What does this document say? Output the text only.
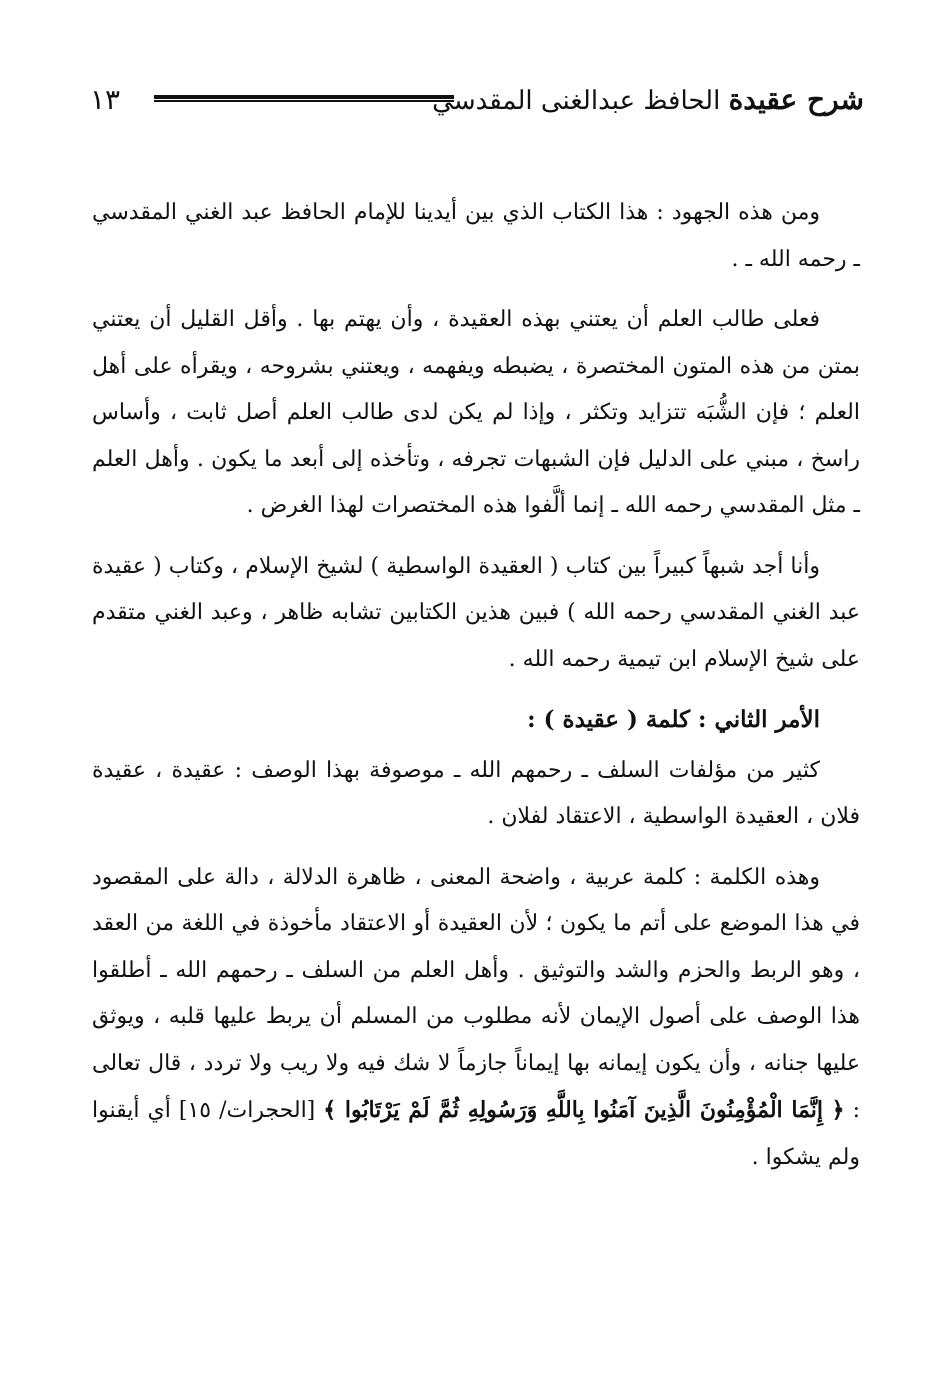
شرح عقيدة الحافظ عبدالغنى المقدسي
١٣

ومن هذه الجهود : هذا الكتاب الذي بين أيدينا للإمام الحافظ عبد الغني المقدسي ـ رحمه الله ـ .

فعلى طالب العلم أن يعتني بهذه العقيدة ، وأن يهتم بها . وأقل القليل أن يعتني بمتن من هذه المتون المختصرة ، يضبطه ويفهمه ، ويعتني بشروحه ، ويقرأه على أهل العلم ؛ فإن الشُّبَه تتزايد وتكثر ، وإذا لم يكن لدى طالب العلم أصل ثابت ، وأساس راسخ ، مبني على الدليل فإن الشبهات تجرفه ، وتأخذه إلى أبعد ما يكون . وأهل العلم ـ مثل المقدسي رحمه الله ـ إنما ألَّفوا هذه المختصرات لهذا الغرض .

وأنا أجد شبهاً كبيراً بين كتاب ( العقيدة الواسطية ) لشيخ الإسلام ، وكتاب ( عقيدة عبد الغني المقدسي رحمه الله ) فبين هذين الكتابين تشابه ظاهر ، وعبد الغني متقدم على شيخ الإسلام ابن تيمية رحمه الله .

الأمر الثاني : كلمة ( عقيدة ) :

كثير من مؤلفات السلف ـ رحمهم الله ـ موصوفة بهذا الوصف : عقيدة ، عقيدة فلان ، العقيدة الواسطية ، الاعتقاد لفلان .

وهذه الكلمة : كلمة عربية ، واضحة المعنى ، ظاهرة الدلالة ، دالة على المقصود في هذا الموضع على أتم ما يكون ؛ لأن العقيدة أو الاعتقاد مأخوذة في اللغة من العقد ، وهو الربط والحزم والشد والتوثيق . وأهل العلم من السلف ـ رحمهم الله ـ أطلقوا هذا الوصف على أصول الإيمان لأنه مطلوب من المسلم أن يربط عليها قلبه ، ويوثق عليها جنانه ، وأن يكون إيمانه بها إيماناً جازماً لا شك فيه ولا ريب ولا تردد ، قال تعالى : ﴿ إِنَّمَا الْمُؤْمِنُونَ الَّذِينَ آمَنُوا بِاللَّهِ وَرَسُولِهِ ثُمَّ لَمْ يَرْتَابُوا ﴾ [الحجرات/ ١٥] أي أيقنوا ولم يشكوا .
